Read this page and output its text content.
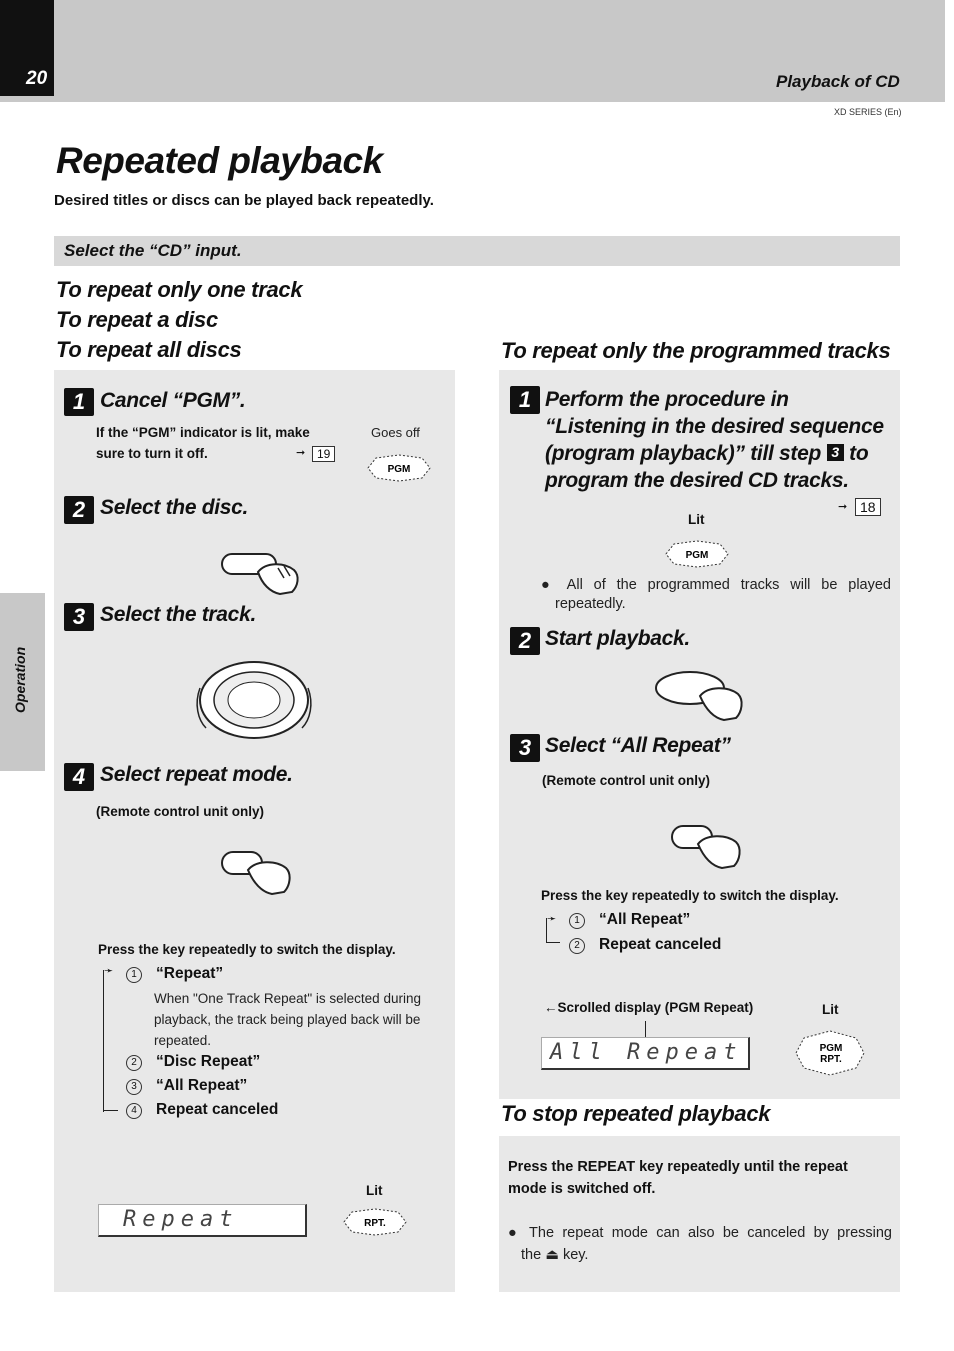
20	Playback of CD
XD SERIES (En)
Operation
Repeated playback
Desired titles or discs can be played back repeatedly.
Select the “CD” input.
To repeat only one track
To repeat a disc
To repeat all discs
1 Cancel “PGM”.
If the “PGM” indicator is lit, make
sure to turn it off.	➞ 19
Goes off
PGM
2 Select the disc.
3 Select the track.
4 Select repeat mode.
(Remote control unit only)
Press the key repeatedly to switch the display.
➛	1 “Repeat”
When "One Track Repeat" is selected during
playback, the track being played back will be
repeated.
2 “Disc Repeat”
3 “All Repeat”
4 Repeat canceled
Lit
Repeat	RPT.
To repeat only the programmed tracks
1 Perform the procedure in
“Listening in the desired sequence
(program playback)” till step 3 to
program the desired CD tracks.
➞ 18
Lit
PGM
● All of the programmed tracks will be played
repeatedly.
2 Start playback.
3 Select “All Repeat”
(Remote control unit only)
Press the key repeatedly to switch the display.
➛	1 “All Repeat”
2 Repeat canceled
←Scrolled display (PGM Repeat)	Lit
All Repeat	PGM
RPT.
To stop repeated playback
Press the REPEAT key repeatedly until the repeat
mode is switched off.
● The repeat mode can also be canceled by pressing
the ⏏ key.
